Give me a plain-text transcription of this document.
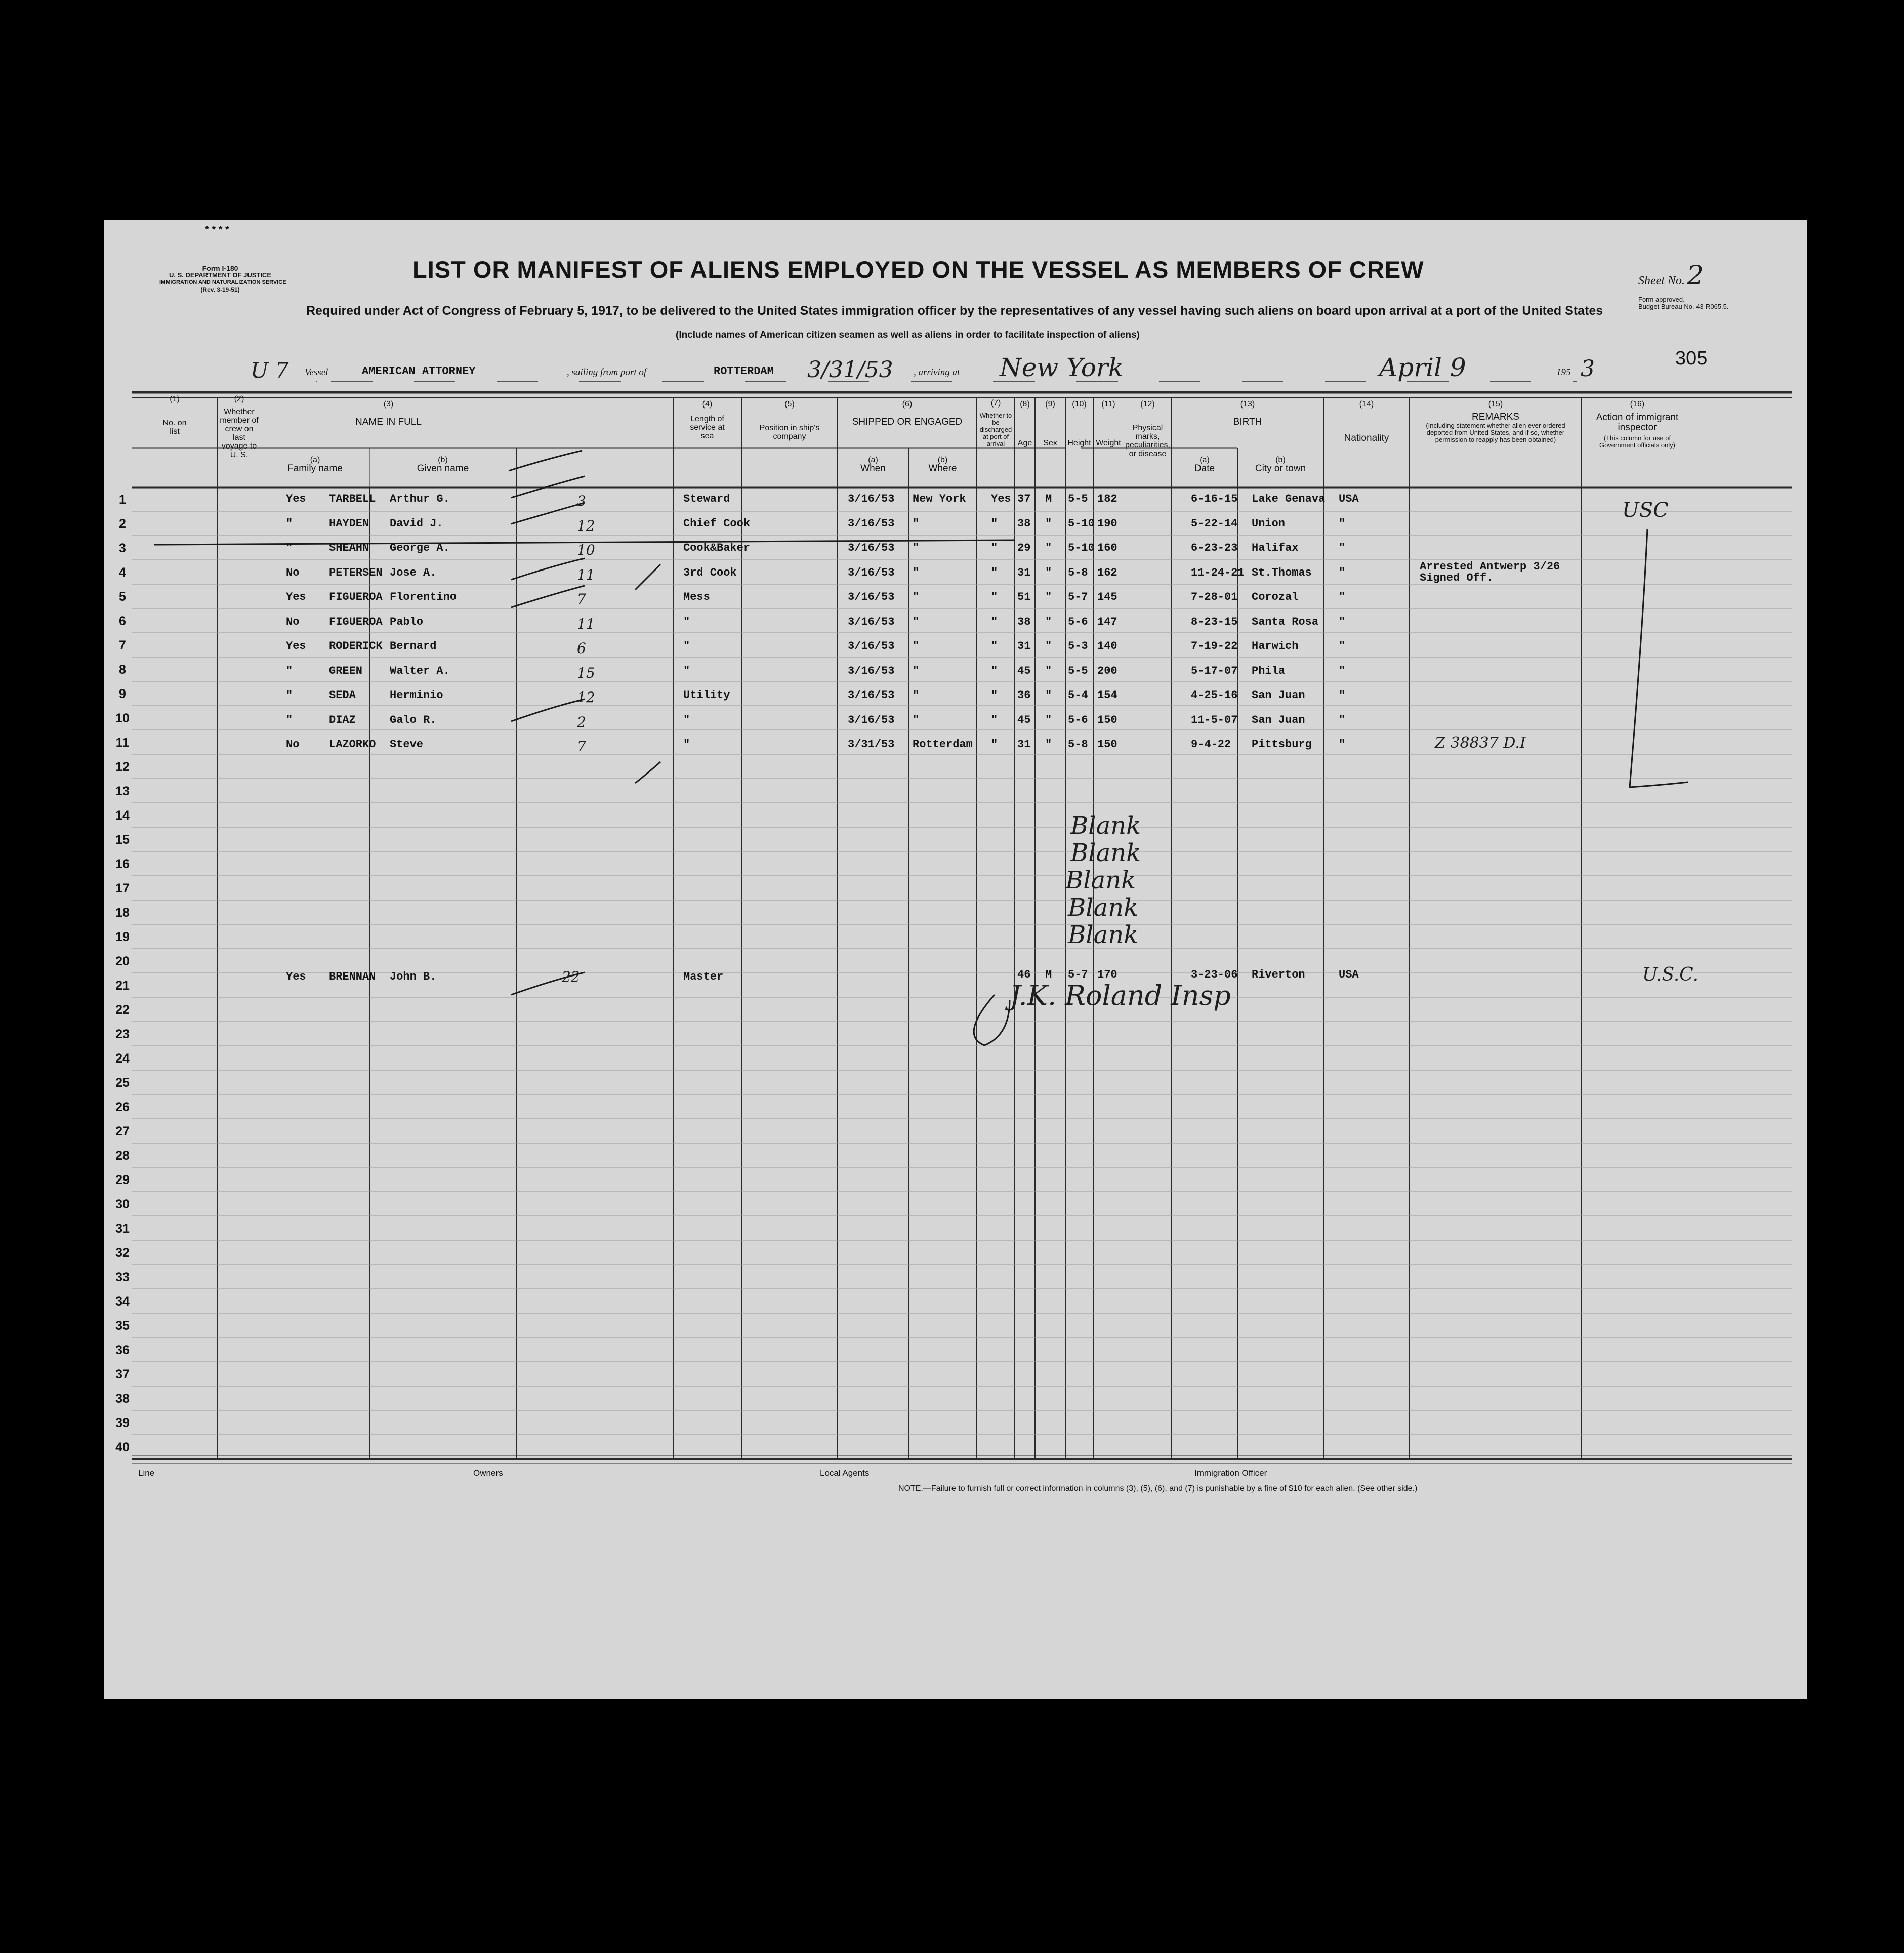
* * * *
Form I-180
U. S. DEPARTMENT OF JUSTICE
IMMIGRATION AND NATURALIZATION SERVICE
(Rev. 3-19-51)
LIST OR MANIFEST OF ALIENS EMPLOYED ON THE VESSEL AS MEMBERS OF CREW
Required under Act of Congress of February 5, 1917, to be delivered to the United States immigration officer by the representatives of any vessel having such aliens on board upon arrival at a port of the United States
(Include names of American citizen seamen as well as aliens in order to facilitate inspection of aliens)
Sheet No. 2
Form approved.
Budget Bureau No. 43-R065.5.
305
U 7 Vessel	AMERICAN ATTORNEY	, sailing from port of	ROTTERDAM 3/31/53 , arriving at New York	April 9	195 3
(1)
No. on list
(2)
Whether member of crew on last voyage to U. S.
(3)
NAME IN FULL
(a)
Family name
(b)
Given name
(4)
Length of service at sea
(5)
Position in ship's company
(6)
SHIPPED OR ENGAGED
(a)
When
(b)
Where
(7)
Whether to be discharged at port of arrival
(8)
Age
(9)
Sex
(10)
Height
(11)
Weight
(12)
Physical marks, peculiarities, or disease
(13)
BIRTH
(a)
Date
(b)
City or town
(14)
Nationality
(15)
REMARKS
(Including statement whether alien ever ordered deported from United States, and if so, whether permission to reapply has been obtained)
(16)
Action of immigrant inspector
(This column for use of Government officials only)
1
2
3
4
5
6
7
8
9
10
11
12
13
14
15
16
17
18
19
20
21
22
23
24
25
26
27
28
29
30
31
32
33
34
35
36
37
38
39
40
Yes TARBELL Arthur G.	3	Steward	3/16/53 New York Yes 37 M 5-5 182	6-16-15 Lake Genava USA
"	HAYDEN David J.	12	Chief Cook	3/16/53 "	" 38 " 5-10 190	5-22-14 Union	"
"	SHEAHN George A.	10	Cook&Baker	3/16/53 "	" 29 " 5-10 160	6-23-23 Halifax	"
No	PETERSEN Jose A.	11	3rd Cook	3/16/53 "	" 31 " 5-8 162	11-24-21 St.Thomas "	Arrested Antwerp 3/26
Signed Off.
Yes FIGUEROA Florentino	7	Mess	3/16/53 "	" 51 " 5-7 145	7-28-01 Corozal	"
No	FIGUEROA Pablo	11	"	3/16/53 "	" 38 " 5-6 147	8-23-15 Santa Rosa "
Yes RODERICK Bernard	6	"	3/16/53 "	" 31 " 5-3 140	7-19-22 Harwich	"
"	GREEN Walter A.	15	"	3/16/53 "	" 45 " 5-5 200	5-17-07 Phila	"
"	SEDA	Herminio	12	Utility	3/16/53 "	" 36 " 5-4 154	4-25-16 San Juan	"
"	DIAZ	Galo R.	2	"	3/16/53 "	" 45 " 5-6 150	11-5-07 San Juan	"
No	LAZORKO Steve	7	"	3/31/53 Rotterdam " 31 " 5-8 150	9-4-22 Pittsburg "	Z 38837 D.I
Yes BRENNAN John B.	22	Master	46 M 5-7 170	3-23-06 Riverton	USA
Blank
Blank
Blank
Blank
Blank
USC
U.S.C.
J.K. Roland Insp
Line	Owners	Local Agents	Immigration Officer
NOTE.—Failure to furnish full or correct information in columns (3), (5), (6), and (7) is punishable by a fine of $10 for each alien. (See other side.)
